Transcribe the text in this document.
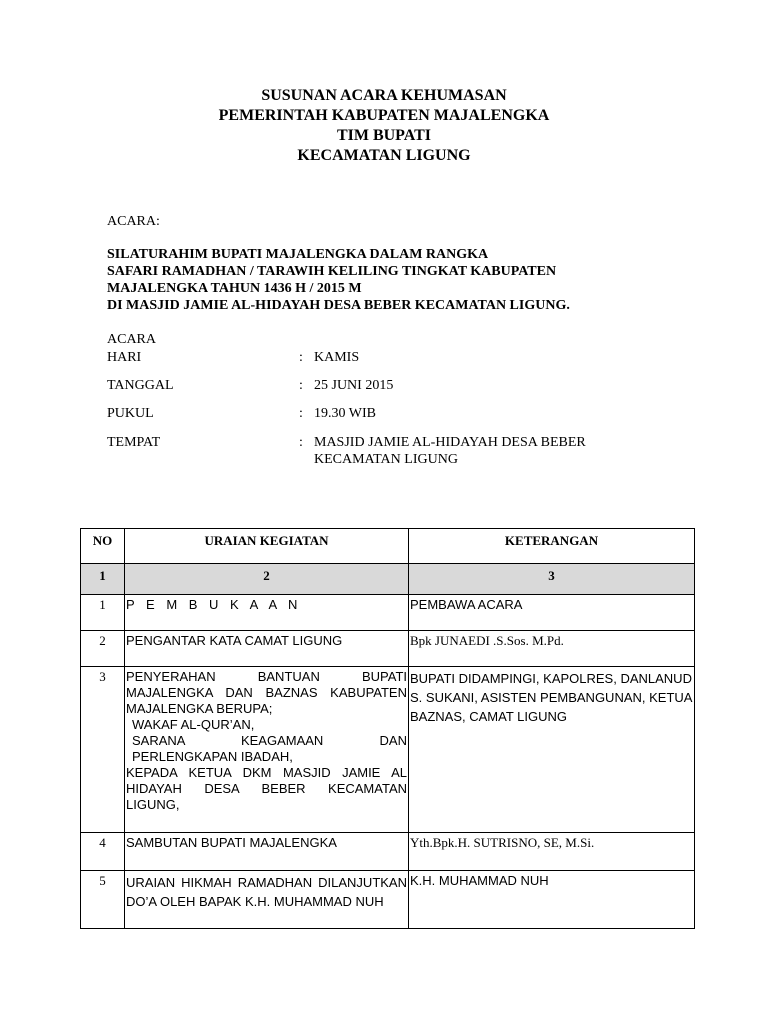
SUSUNAN ACARA KEHUMASAN
PEMERINTAH KABUPATEN MAJALENGKA
TIM BUPATI
KECAMATAN LIGUNG
ACARA:
SILATURAHIM BUPATI MAJALENGKA DALAM RANGKA
SAFARI RAMADHAN / TARAWIH KELILING TINGKAT KABUPATEN
MAJALENGKA TAHUN 1436 H / 2015 M
DI MASJID JAMIE AL-HIDAYAH DESA BEBER KECAMATAN LIGUNG.
ACARA
HARI	: KAMIS
TANGGAL	: 25 JUNI 2015
PUKUL	: 19.30 WIB
TEMPAT	: MASJID JAMIE AL-HIDAYAH DESA BEBER KECAMATAN LIGUNG
NO	URAIAN KEGIATAN	KETERANGAN
1	2	3
1	P E M B U K A A N	PEMBAWA ACARA
2	PENGANTAR KATA CAMAT LIGUNG	Bpk JUNAEDI .S.Sos. M.Pd.
3	PENYERAHAN BANTUAN BUPATI MAJALENGKA DAN BAZNAS KABUPATEN MAJALENGKA BERUPA;
WAKAF AL-QUR’AN,
SARANA KEAGAMAAN DAN PERLENGKAPAN IBADAH,
KEPADA KETUA DKM MASJID JAMIE AL HIDAYAH DESA BEBER KECAMATAN LIGUNG,	BUPATI DIDAMPINGI, KAPOLRES, DANLANUD S. SUKANI, ASISTEN PEMBANGUNAN, KETUA BAZNAS, CAMAT LIGUNG
4	SAMBUTAN BUPATI MAJALENGKA	Yth.Bpk.H. SUTRISNO, SE, M.Si.
5	URAIAN HIKMAH RAMADHAN DILANJUTKAN DO’A OLEH BAPAK K.H. MUHAMMAD NUH	K.H. MUHAMMAD NUH
